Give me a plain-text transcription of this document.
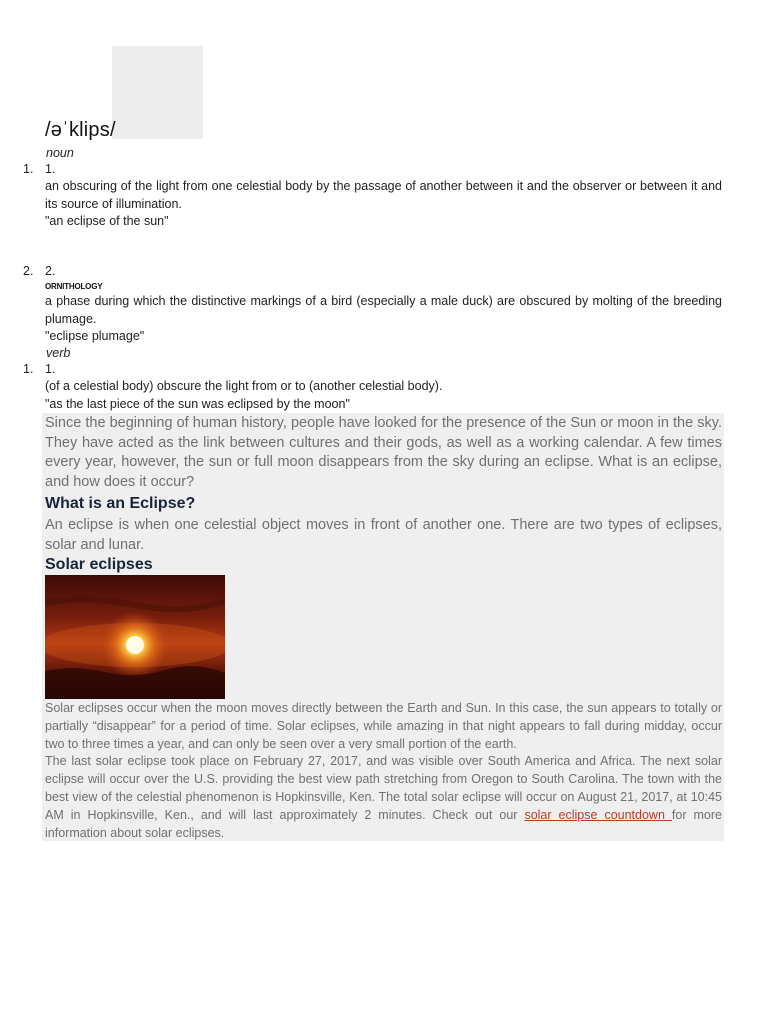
/əˈklips/
noun
1. 1.
an obscuring of the light from one celestial body by the passage of another between it and the observer or between it and its source of illumination.
"an eclipse of the sun"
2. 2.
ORNITHOLOGY
a phase during which the distinctive markings of a bird (especially a male duck) are obscured by molting of the breeding plumage.
"eclipse plumage"
verb
1. 1.
(of a celestial body) obscure the light from or to (another celestial body).
"as the last piece of the sun was eclipsed by the moon"
Since the beginning of human history, people have looked for the presence of the Sun or moon in the sky. They have acted as the link between cultures and their gods, as well as a working calendar. A few times every year, however, the sun or full moon disappears from the sky during an eclipse. What is an eclipse, and how does it occur?
What is an Eclipse?
An eclipse is when one celestial object moves in front of another one. There are two types of eclipses, solar and lunar.
Solar eclipses
Solar eclipses occur when the moon moves directly between the Earth and Sun. In this case, the sun appears to totally or partially “disappear” for a period of time. Solar eclipses, while amazing in that night appears to fall during midday, occur two to three times a year, and can only be seen over a very small portion of the earth.
The last solar eclipse took place on February 27, 2017, and was visible over South America and Africa. The next solar eclipse will occur over the U.S. providing the best view path stretching from Oregon to South Carolina. The town with the best view of the celestial phenomenon is Hopkinsville, Ken. The total solar eclipse will occur on August 21, 2017, at 10:45 AM in Hopkinsville, Ken., and will last approximately 2 minutes. Check out our solar eclipse countdown for more information about solar eclipses.
